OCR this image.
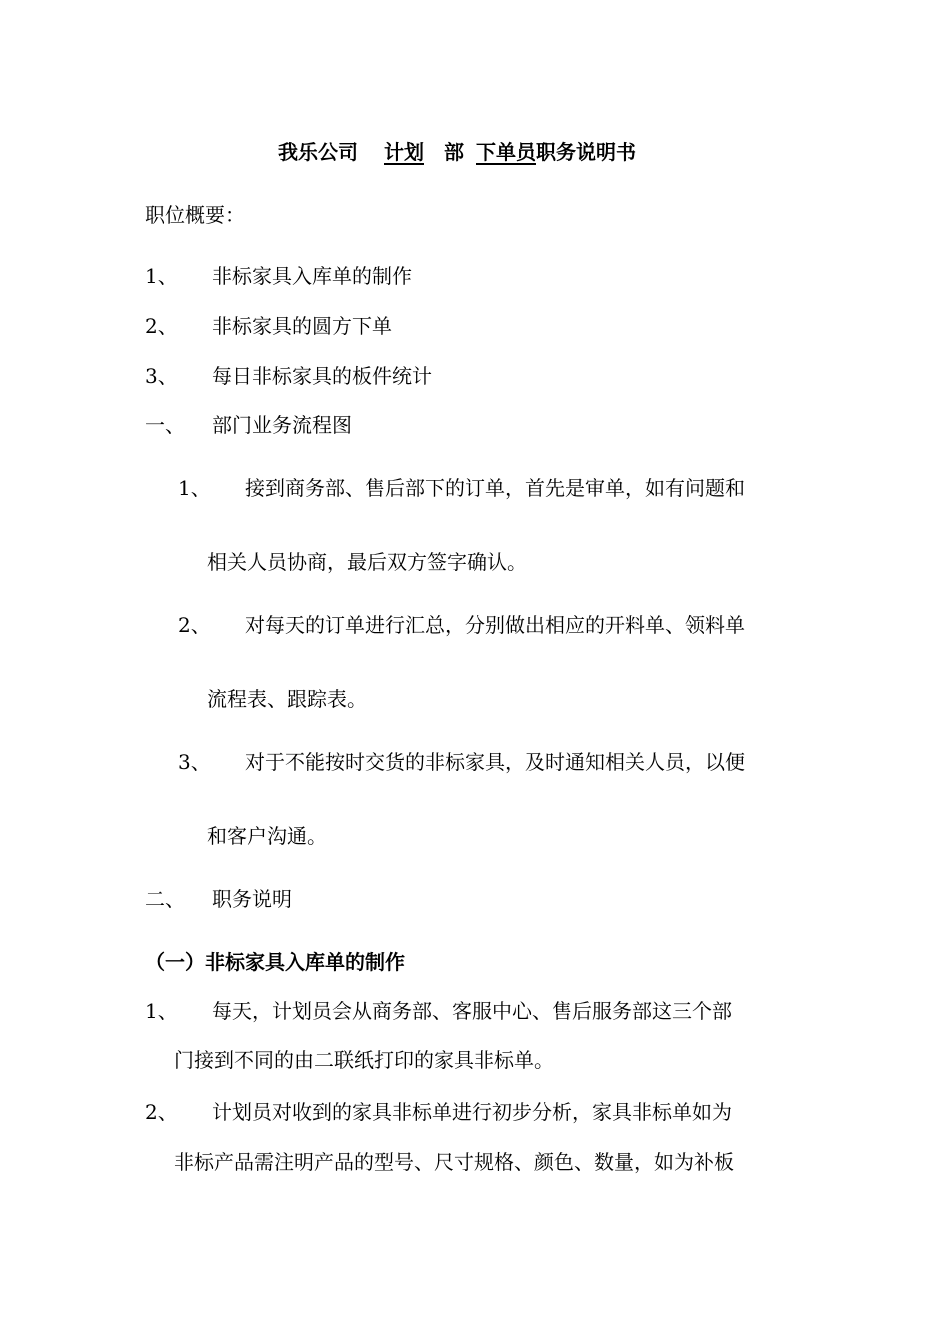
我乐公司 计划 部 下单员职务说明书
职位概要：
1、 非标家具入库单的制作
2、 非标家具的圆方下单
3、 每日非标家具的板件统计
一、 部门业务流程图
1、 接到商务部、售后部下的订单，首先是审单，如有问题和
相关人员协商，最后双方签字确认。
2、 对每天的订单进行汇总，分别做出相应的开料单、领料单
流程表、跟踪表。
3、 对于不能按时交货的非标家具，及时通知相关人员，以便
和客户沟通。
二、 职务说明
（一）非标家具入库单的制作
1、 每天，计划员会从商务部、客服中心、售后服务部这三个部
门接到不同的由二联纸打印的家具非标单。
2、 计划员对收到的家具非标单进行初步分析，家具非标单如为
非标产品需注明产品的型号、尺寸规格、颜色、数量，如为补板
